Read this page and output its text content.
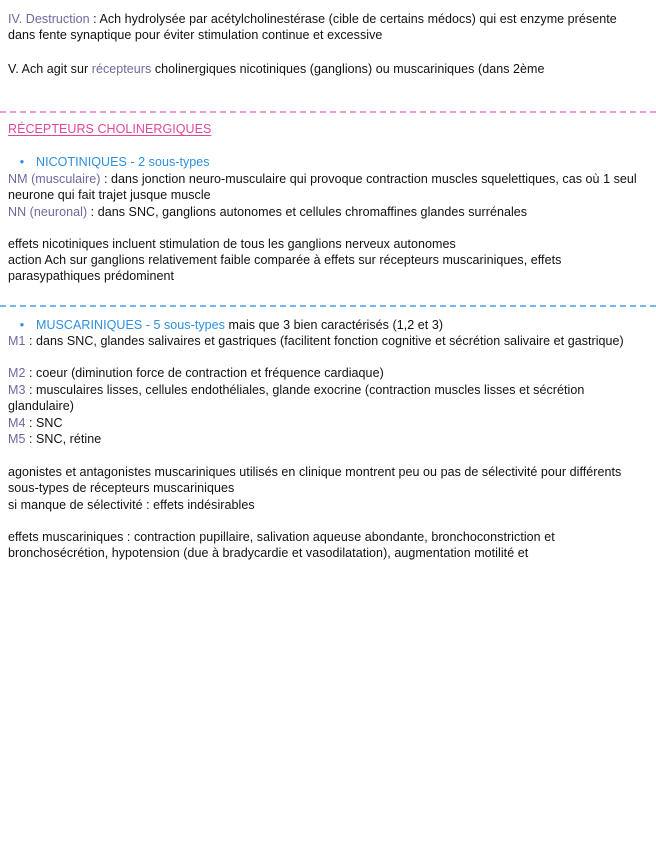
IV. Destruction : Ach hydrolysée par acétylcholinestérase (cible de certains médocs) qui est enzyme présente dans fente synaptique pour éviter stimulation continue et excessive

V. Ach agit sur récepteurs cholinergiques nicotiniques (ganglions) ou muscariniques (dans 2ème

RÉCEPTEURS CHOLINERGIQUES

• NICOTINIQUES - 2 sous-types

NM (musculaire) : dans jonction neuro-musculaire qui provoque contraction muscles squelettiques, cas où 1 seul neurone qui fait trajet jusque muscle

NN (neuronal) : dans SNC, ganglions autonomes et cellules chromaffines glandes surrénales

effets nicotiniques incluent stimulation de tous les ganglions nerveux autonomes

action Ach sur ganglions relativement faible comparée à effets sur récepteurs muscariniques, effets parasypathiques prédominent

• MUSCARINIQUES - 5 sous-types mais que 3 bien caractérisés (1,2 et 3)

M1 : dans SNC, glandes salivaires et gastriques (facilitent fonction cognitive et sécrétion salivaire et gastrique)

M2 : coeur (diminution force de contraction et fréquence cardiaque)

M3 : musculaires lisses, cellules endothéliales, glande exocrine (contraction muscles lisses et sécrétion glandulaire)

M4 : SNC

M5 : SNC, rétine

agonistes et antagonistes muscariniques utilisés en clinique montrent peu ou pas de sélectivité pour différents sous-types de récepteurs muscariniques

si manque de sélectivité : effets indésirables

effets muscariniques : contraction pupillaire, salivation aqueuse abondante, bronchoconstriction et bronchosécrétion, hypotension (due à bradycardie et vasodilatation), augmentation motilité et
